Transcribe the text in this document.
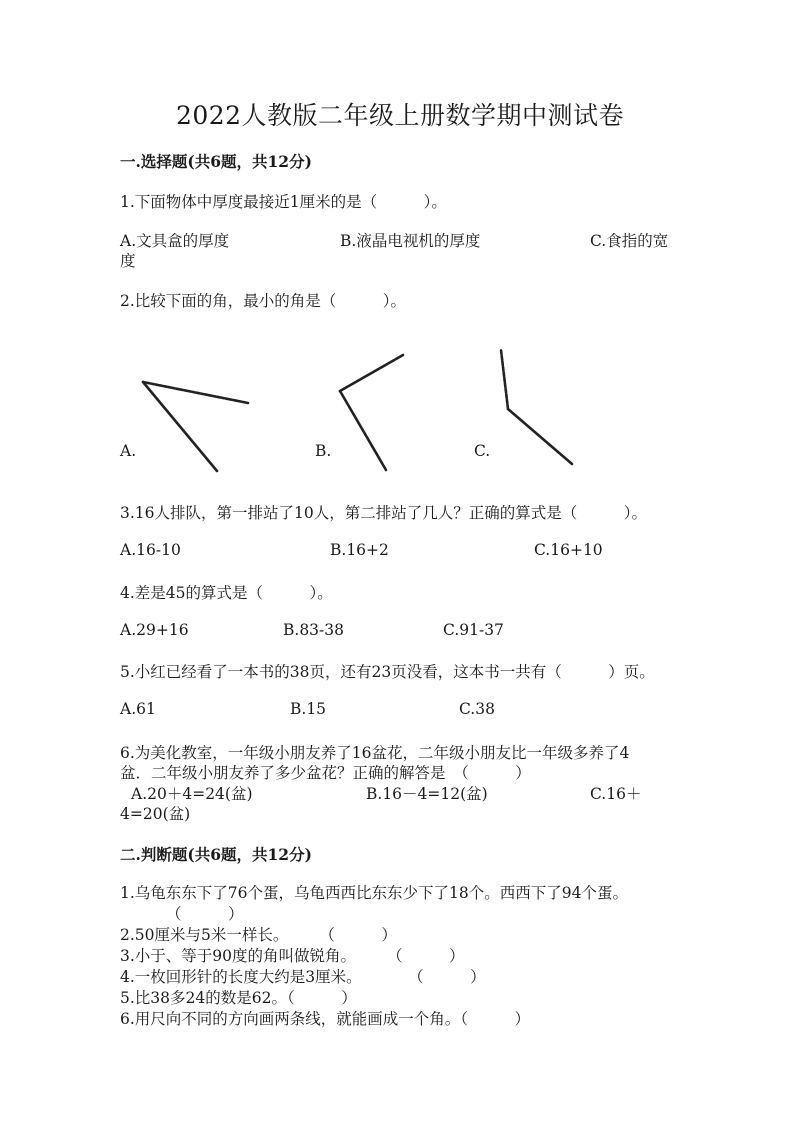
2022人教版二年级上册数学期中测试卷
一.选择题(共6题，共12分)
1.下面物体中厚度最接近1厘米的是（　　　）。
A.文具盒的厚度	B.液晶电视机的厚度	C.食指的宽
度
2.比较下面的角，最小的角是（　　　）。
A.	B.	C.
3.16人排队，第一排站了10人，第二排站了几人？正确的算式是（　　　）。
A.16-10	B.16+2	C.16+10
4.差是45的算式是（　　　）。
A.29+16	B.83-38	C.91-37
5.小红已经看了一本书的38页，还有23页没看，这本书一共有（　　　）页。
A.61	B.15	C.38
6.为美化教室，一年级小朋友养了16盆花，二年级小朋友比一年级多养了4
盆．二年级小朋友养了多少盆花？正确的解答是　（　　　）
A.20＋4=24(盆)	B.16－4=12(盆)	C.16＋
4=20(盆)
二.判断题(共6题，共12分)
1.乌龟东东下了76个蛋，乌龟西西比东东少下了18个。西西下了94个蛋。
（　　　）
2.50厘米与5米一样长。　　　（　　　）
3.小于、等于90度的角叫做锐角。　　　（　　　）
4.一枚回形针的长度大约是3厘米。　　　　（　　　）
5.比38多24的数是62。（　　　）
6.用尺向不同的方向画两条线，就能画成一个角。（　　　）
